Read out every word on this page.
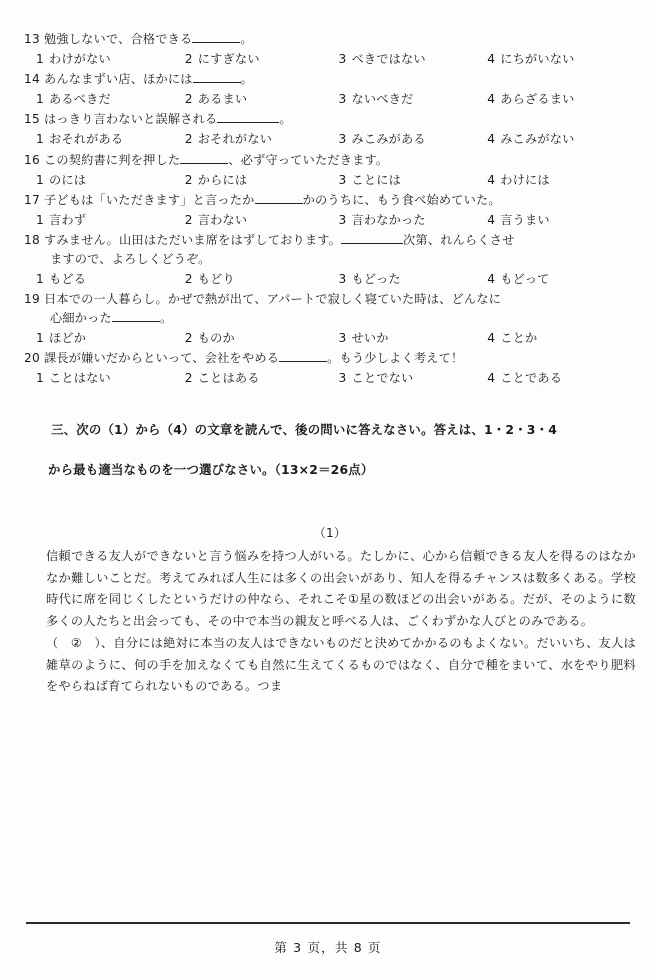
13 勉強しないで、合格できる	。
1 わけがない	2 にすぎない	3 べきではない	4 にちがいない
14 あんなまずい店、ほかには	。
1 あるべきだ	2 あるまい	3 ないべきだ	4 あらざるまい
15 はっきり言わないと誤解される	。
1 おそれがある	2 おそれがない	3 みこみがある	4 みこみがない
16 この契約書に判を押した	、必ず守っていただきます。
1 のには	2 からには	3 ことには	4 わけには
17 子どもは「いただきます」と言ったか	かのうちに、もう食べ始めていた。
1 言わず	2 言わない	3 言わなかった	4 言うまい
18 すみません。山田はただいま席をはずしております。	次第、れんらくさせ
ますので、よろしくどうぞ。
1 もどる	2 もどり	3 もどった	4 もどって
19 日本での一人暮らし。かぜで熱が出て、アパートで寂しく寝ていた時は、どんなに
心細かった	。
1 ほどか	2 ものか	3 せいか	4 ことか
20 課長が嫌いだからといって、会社をやめる	。もう少しよく考えて！
1 ことはない	2 ことはある	3 ことでない	4 ことである

三、次の（1）から（4）の文章を読んで、後の問いに答えなさい。答えは、1・2・3・4

から最も適当なものを一つ選びなさい。（13×2＝26点）

（1）

信頼できる友人ができないと言う悩みを持つ人がいる。たしかに、心から信頼できる友人を得るのはなかなか難しいことだ。考えてみれば人生には多くの出会いがあり、知人を得るチャンスは数多くある。学校時代に席を同じくしたというだけの仲なら、それこそ①星の数ほどの出会いがある。だが、そのように数多くの人たちと出会っても、その中で本当の親友と呼べる人は、ごくわずかな人びとのみである。

（　②　）、自分には絶対に本当の友人はできないものだと決めてかかるのもよくない。だいいち、友人は雑草のように、何の手を加えなくても自然に生えてくるものではなく、自分で種をまいて、水をやり肥料をやらねば育てられないものである。つま

第 3 页，共 8 页
